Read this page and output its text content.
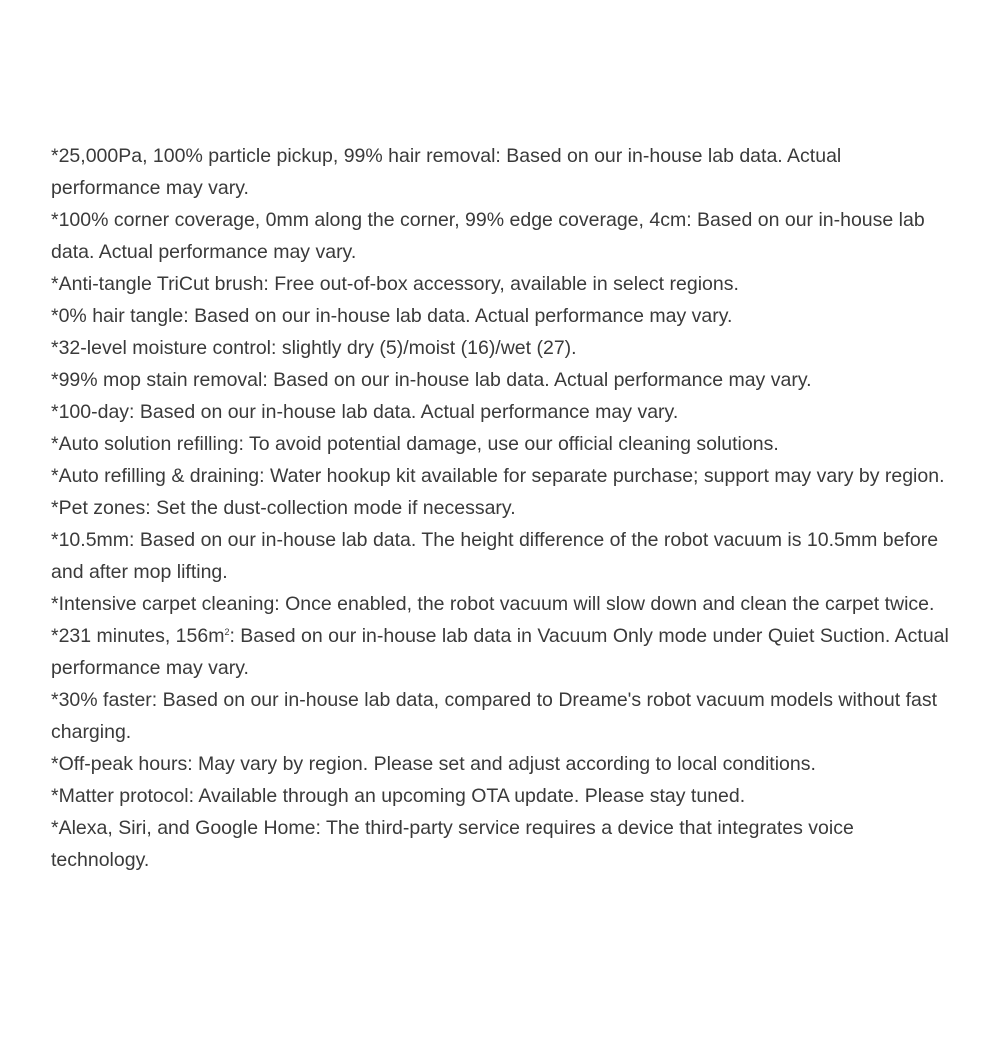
*25,000Pa, 100% particle pickup, 99% hair removal: Based on our in-house lab data. Actual performance may vary.

*100% corner coverage, 0mm along the corner, 99% edge coverage, 4cm: Based on our in-house lab data. Actual performance may vary.

*Anti-tangle TriCut brush: Free out-of-box accessory, available in select regions.

*0% hair tangle: Based on our in-house lab data. Actual performance may vary.

*32-level moisture control: slightly dry (5)/moist (16)/wet (27).

*99% mop stain removal: Based on our in-house lab data. Actual performance may vary.

*100-day: Based on our in-house lab data. Actual performance may vary.

*Auto solution refilling: To avoid potential damage, use our official cleaning solutions.

*Auto refilling & draining: Water hookup kit available for separate purchase; support may vary by region.

*Pet zones: Set the dust-collection mode if necessary.

*10.5mm: Based on our in-house lab data. The height difference of the robot vacuum is 10.5mm before and after mop lifting.

*Intensive carpet cleaning: Once enabled, the robot vacuum will slow down and clean the carpet twice.

*231 minutes, $156m^2$: Based on our in-house lab data in Vacuum Only mode under Quiet Suction. Actual performance may vary.

*30% faster: Based on our in-house lab data, compared to Dreame's robot vacuum models without fast charging.

*Off-peak hours: May vary by region. Please set and adjust according to local conditions.

*Matter protocol: Available through an upcoming OTA update. Please stay tuned.

*Alexa, Siri, and Google Home: The third-party service requires a device that integrates voice technology.
